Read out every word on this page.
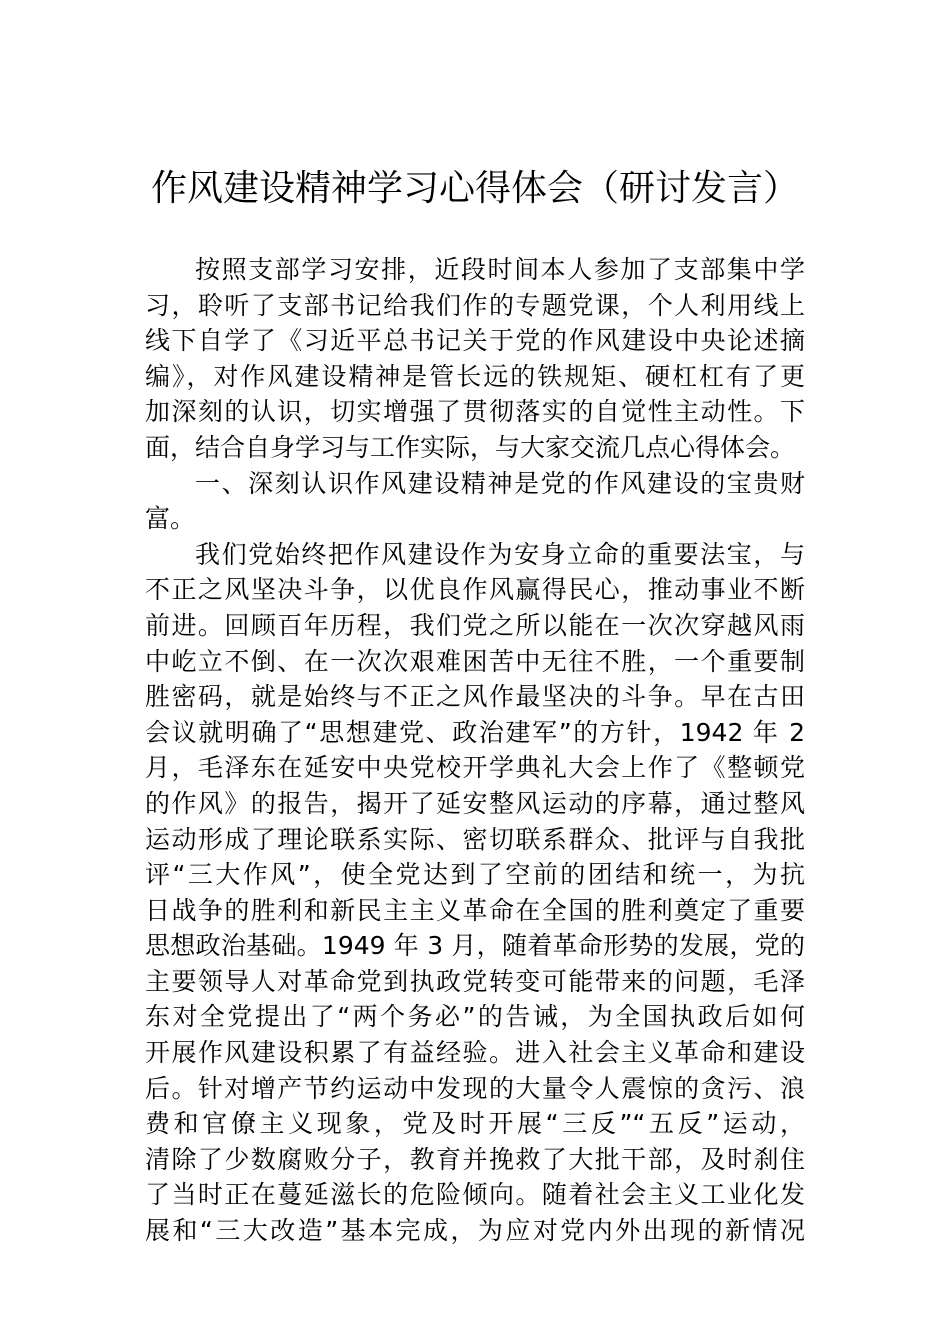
作风建设精神学习心得体会（研讨发言）
按照支部学习安排，近段时间本人参加了支部集中学
习，聆听了支部书记给我们作的专题党课，个人利用线上
线下自学了《习近平总书记关于党的作风建设中央论述摘
编》，对作风建设精神是管长远的铁规矩、硬杠杠有了更
加深刻的认识，切实增强了贯彻落实的自觉性主动性。下
面，结合自身学习与工作实际，与大家交流几点心得体会。
一、深刻认识作风建设精神是党的作风建设的宝贵财
富。
我们党始终把作风建设作为安身立命的重要法宝，与
不正之风坚决斗争，以优良作风赢得民心，推动事业不断
前进。回顾百年历程，我们党之所以能在一次次穿越风雨
中屹立不倒、在一次次艰难困苦中无往不胜，一个重要制
胜密码，就是始终与不正之风作最坚决的斗争。早在古田
会议就明确了“思想建党、政治建军”的方针，1942 年 2
月，毛泽东在延安中央党校开学典礼大会上作了《整顿党
的作风》的报告，揭开了延安整风运动的序幕，通过整风
运动形成了理论联系实际、密切联系群众、批评与自我批
评“三大作风”，使全党达到了空前的团结和统一，为抗
日战争的胜利和新民主主义革命在全国的胜利奠定了重要
思想政治基础。1949 年 3 月，随着革命形势的发展，党的
主要领导人对革命党到执政党转变可能带来的问题，毛泽
东对全党提出了“两个务必”的告诫，为全国执政后如何
开展作风建设积累了有益经验。进入社会主义革命和建设
后。针对增产节约运动中发现的大量令人震惊的贪污、浪
费和官僚主义现象，党及时开展“三反”“五反”运动，
清除了少数腐败分子，教育并挽救了大批干部，及时刹住
了当时正在蔓延滋长的危险倾向。随着社会主义工业化发
展和“三大改造”基本完成，为应对党内外出现的新情况
